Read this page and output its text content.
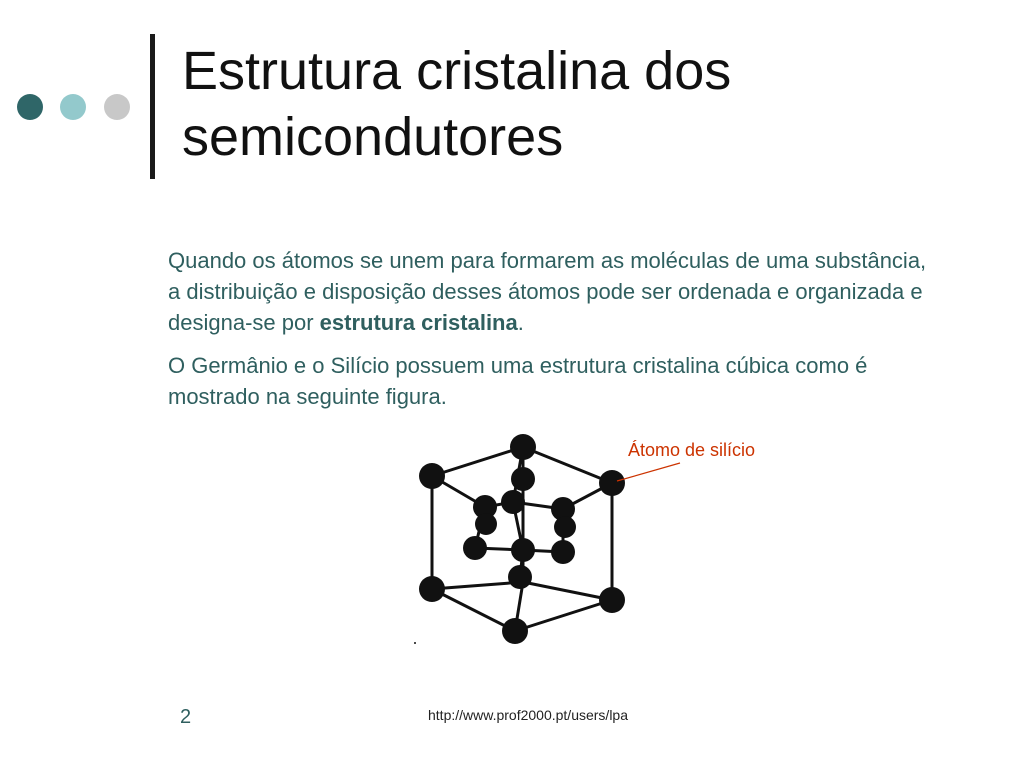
Estrutura cristalina dos
semicondutores

Quando os átomos se unem para formarem as moléculas de uma substância, a distribuição e disposição desses átomos pode ser ordenada e organizada e designa-se por estrutura cristalina.

O Germânio e o Silício possuem uma estrutura cristalina cúbica como é mostrado na seguinte figura.

Átomo de silício
2	http://www.prof2000.pt/users/lpa
